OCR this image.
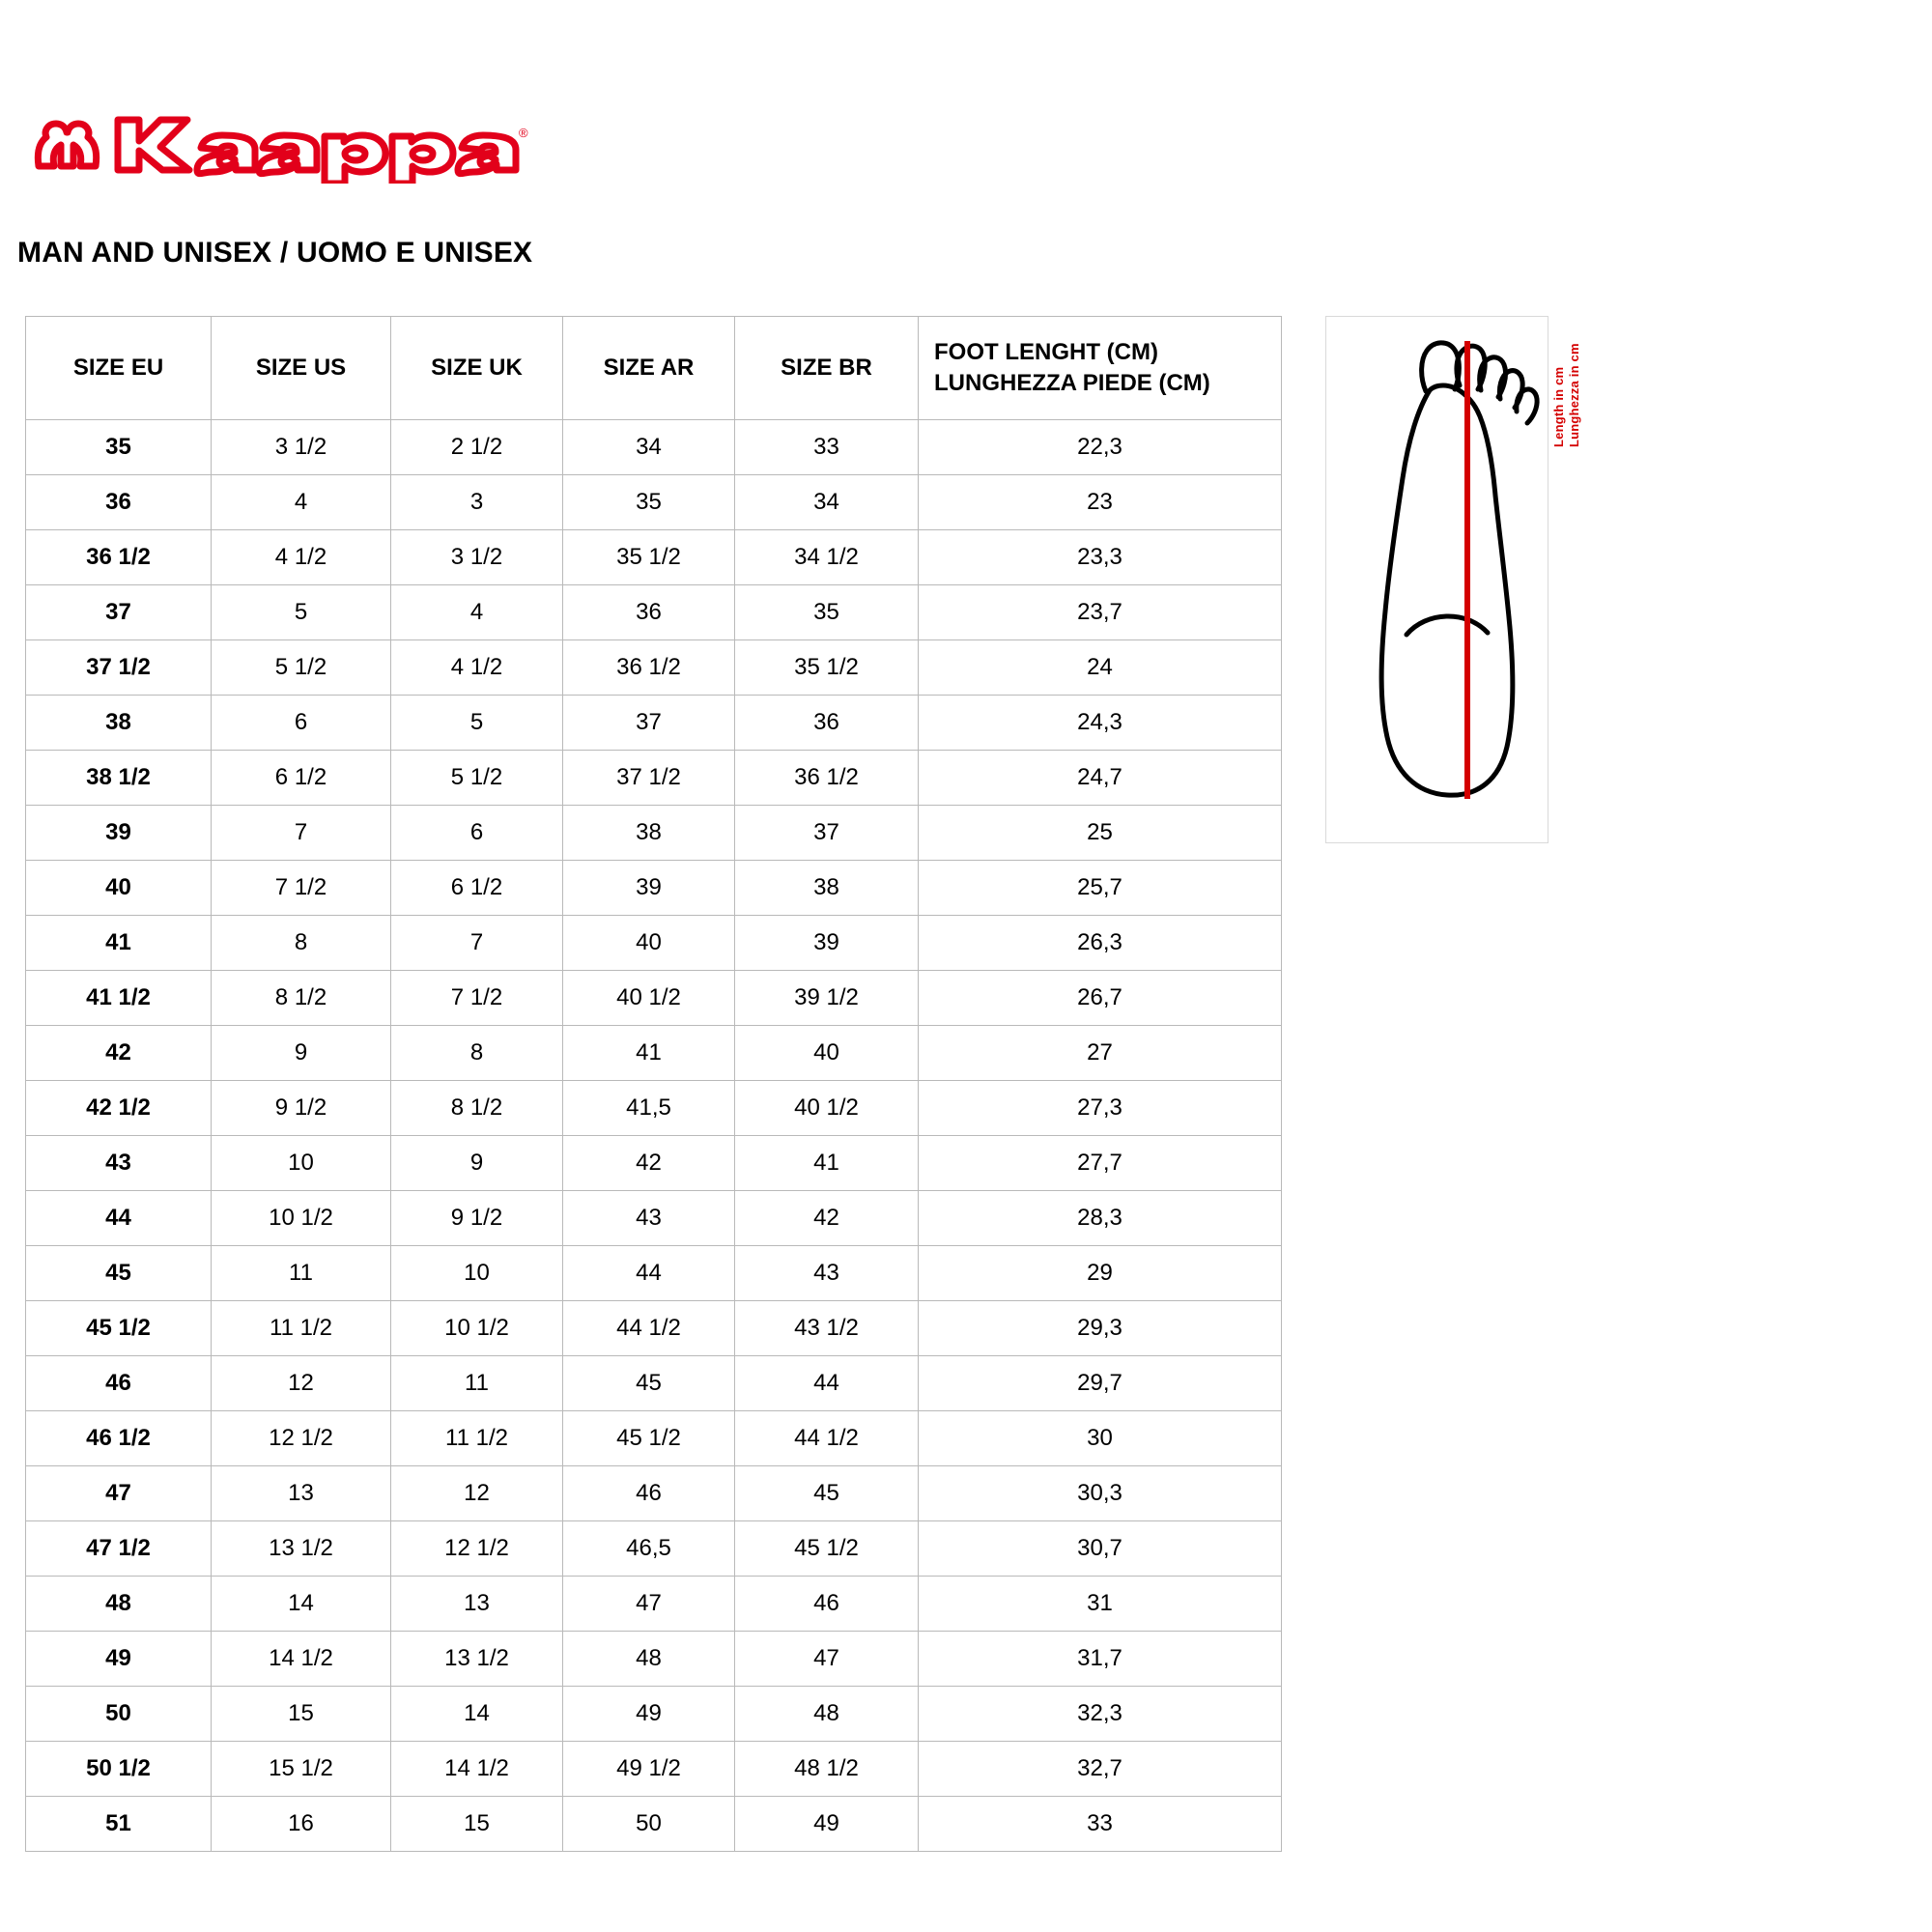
®
MAN AND UNISEX / UOMO E UNISEX
SIZE EU	SIZE US	SIZE UK	SIZE AR	SIZE BR	FOOT LENGHT (CM)
LUNGHEZZA PIEDE (CM)

35	3 1/2	2 1/2	34	33	22,3
36	4	3	35	34	23
36 1/2	4 1/2	3 1/2	35 1/2	34 1/2	23,3
37	5	4	36	35	23,7
37 1/2	5 1/2	4 1/2	36 1/2	35 1/2	24
38	6	5	37	36	24,3
38 1/2	6 1/2	5 1/2	37 1/2	36 1/2	24,7
39	7	6	38	37	25
40	7 1/2	6 1/2	39	38	25,7
41	8	7	40	39	26,3
41 1/2	8 1/2	7 1/2	40 1/2	39 1/2	26,7
42	9	8	41	40	27
42 1/2	9 1/2	8 1/2	41,5	40 1/2	27,3
43	10	9	42	41	27,7
44	10 1/2	9 1/2	43	42	28,3
45	11	10	44	43	29
45 1/2	11 1/2	10 1/2	44 1/2	43 1/2	29,3
46	12	11	45	44	29,7
46 1/2	12 1/2	11 1/2	45 1/2	44 1/2	30
47	13	12	46	45	30,3
47 1/2	13 1/2	12 1/2	46,5	45 1/2	30,7
48	14	13	47	46	31
49	14 1/2	13 1/2	48	47	31,7
50	15	14	49	48	32,3
50 1/2	15 1/2	14 1/2	49 1/2	48 1/2	32,7
51	16	15	50	49	33
Length in cm Lunghezza in cm
